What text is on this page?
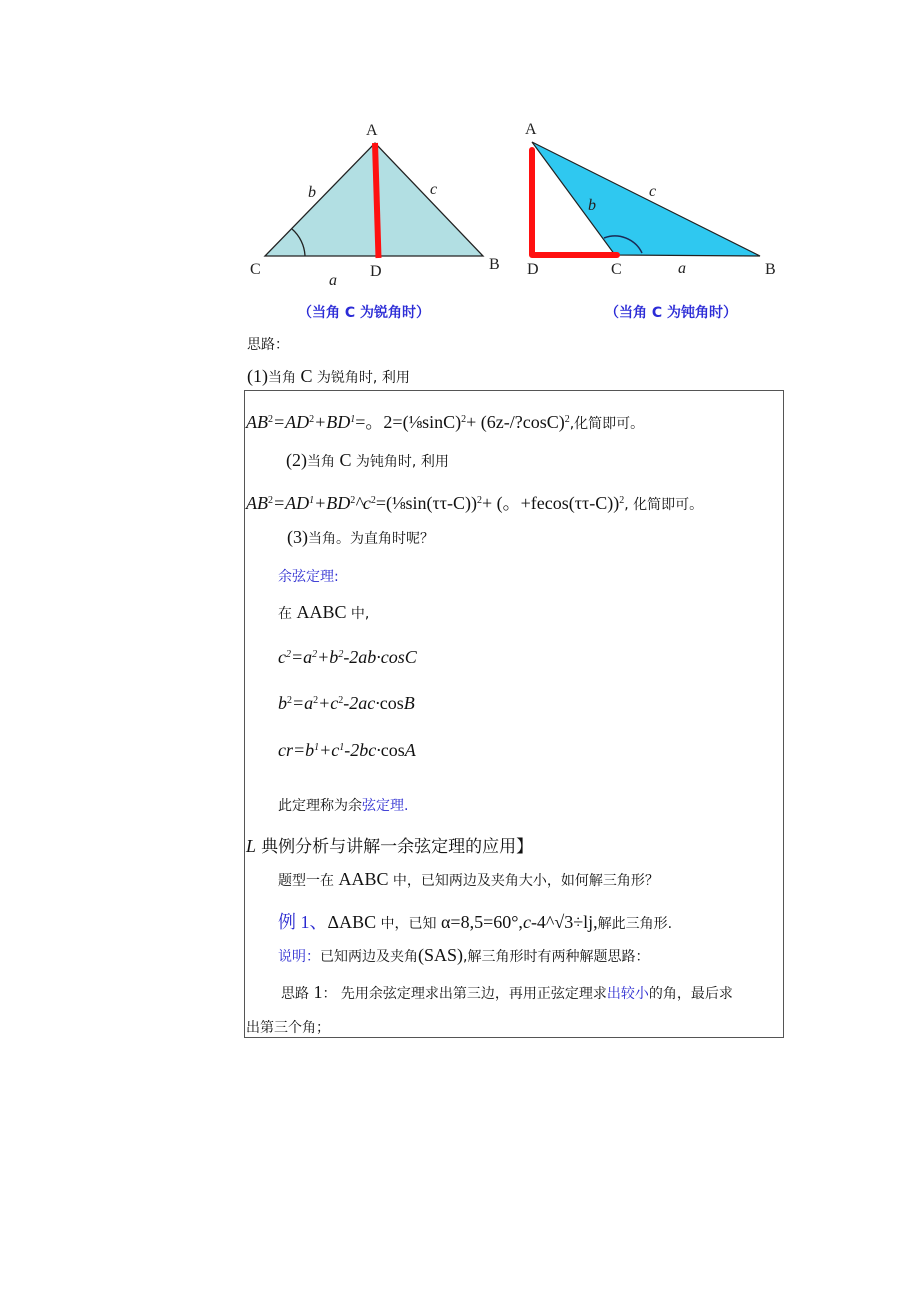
A
C	D	B
b	c
a
（当角 C 为锐角时）
A
D	C	B
b
c
a
（当角 C 为钝角时）
思路：
(1)当角 C 为锐角时, 利用
$AB^2=AD^2+BD^1=$。2=(⅛sinC)$^2$+ (6z-/?cosC)$^2$,化简即可。
(2)当角 C 为钝角时, 利用
$AB^2=AD^1+BD^2\^{}c^2=(\frac{1}{8}\sin(\tau\tau-C))^2+$ (。+fecos(ττ-C))$^2$, 化简即可。
(3)当角。为直角时呢？
余弦定理:
在 AABC 中,
$c^2=a^2+b^2-2ab\cdot\cos C$
$b^2=a^2+c^2-2ac\cdot\cos B$
$cr=b^1+c^1-2bc\cdot\cos A$
此定理称为余弦定理.
L 典例分析与讲解一余弦定理的应用】
题型一在 AABC 中，已知两边及夹角大小，如何解三角形？
例 1、ΔABC 中，已知 α=8,5=60°,c-4^√3÷lj,解此三角形.
说明：已知两边及夹角(SAS),解三角形时有两种解题思路：
思路 1： 先用余弦定理求出第三边，再用正弦定理求出较小的角，最后求
出第三个角；
